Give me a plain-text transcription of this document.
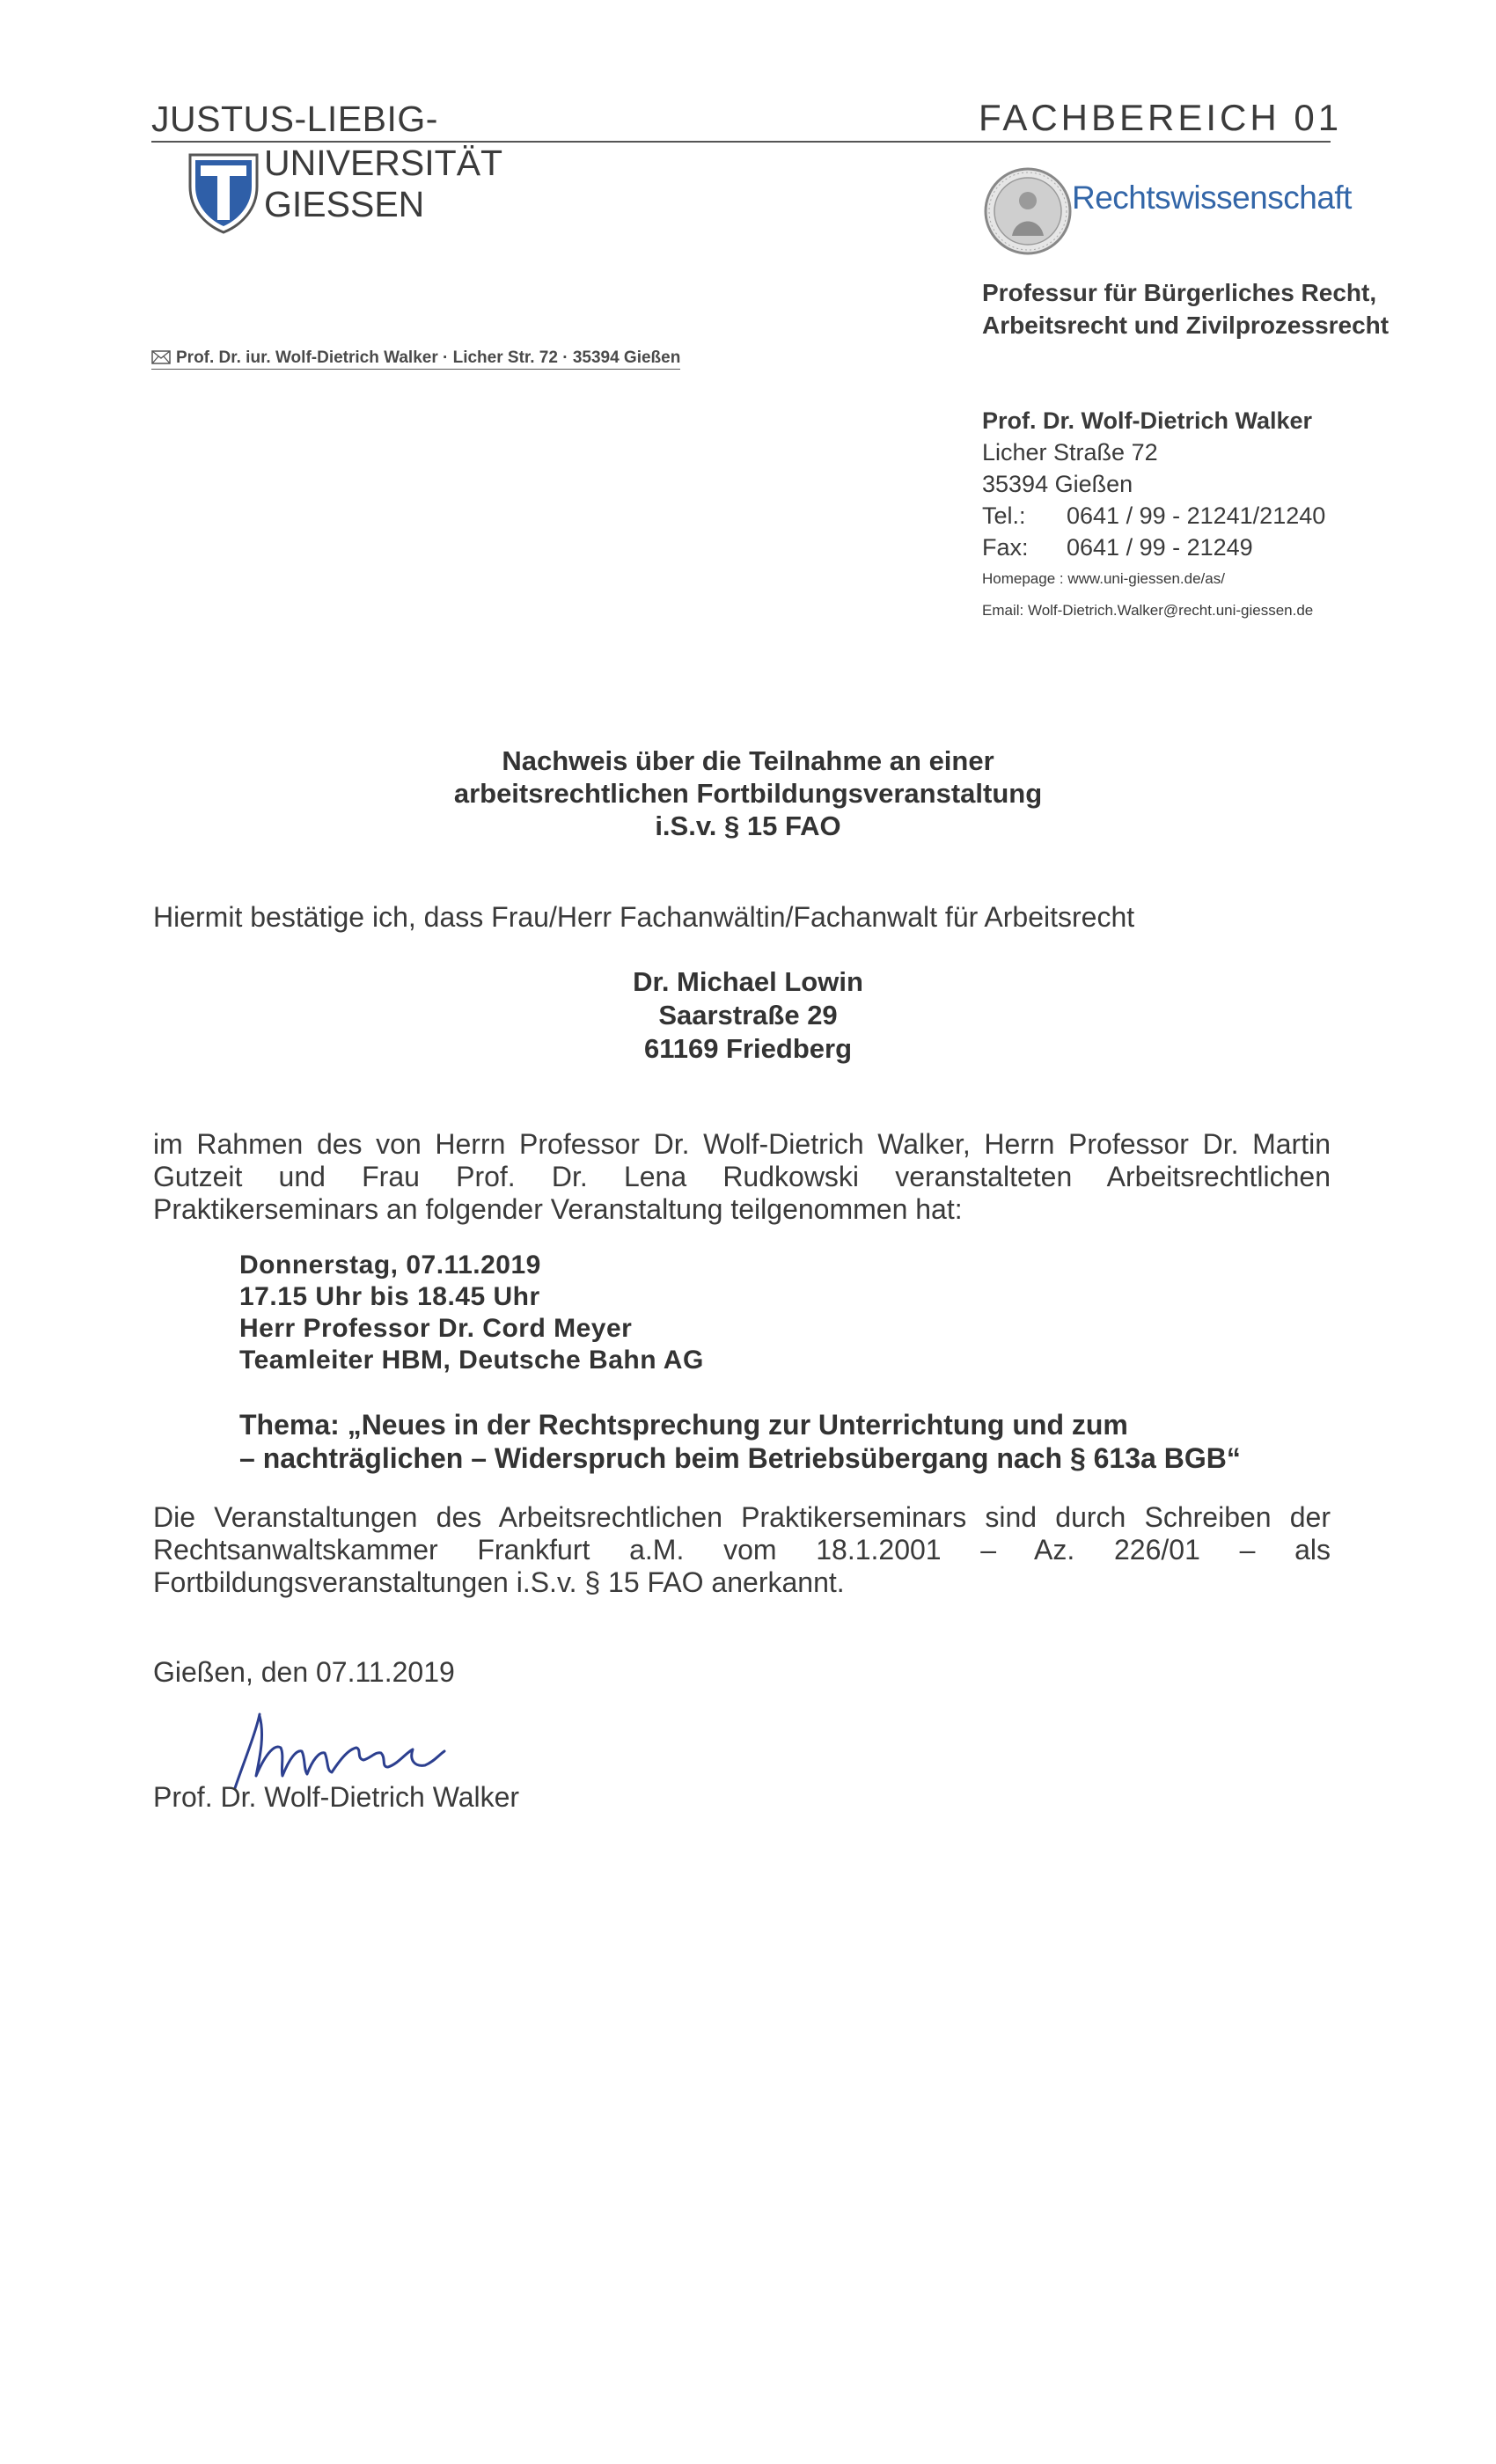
JUSTUS-LIEBIG-
UNIVERSITÄT
GIESSEN
FACHBEREICH 01
Rechtswissenschaft
Professur für Bürgerliches Recht,
Arbeitsrecht und Zivilprozessrecht
Prof. Dr. iur. Wolf-Dietrich Walker · Licher Str. 72 · 35394 Gießen
Prof. Dr. Wolf-Dietrich Walker
Licher Straße 72
35394 Gießen
Tel.: 0641 / 99 - 21241/21240
Fax: 0641 / 99 - 21249
Homepage : www.uni-giessen.de/as/
Email: Wolf-Dietrich.Walker@recht.uni-giessen.de
Nachweis über die Teilnahme an einer
arbeitsrechtlichen Fortbildungsveranstaltung
i.S.v. § 15 FAO
Hiermit bestätige ich, dass Frau/Herr Fachanwältin/Fachanwalt für Arbeitsrecht
Dr. Michael Lowin
Saarstraße 29
61169 Friedberg
im Rahmen des von Herrn Professor Dr. Wolf-Dietrich Walker, Herrn Professor Dr. Martin Gutzeit und Frau Prof. Dr. Lena Rudkowski veranstalteten Arbeitsrechtlichen Praktikerseminars an folgender Veranstaltung teilgenommen hat:
Donnerstag, 07.11.2019
17.15 Uhr bis 18.45 Uhr
Herr Professor Dr. Cord Meyer
Teamleiter HBM, Deutsche Bahn AG
Thema: „Neues in der Rechtsprechung zur Unterrichtung und zum
– nachträglichen – Widerspruch beim Betriebsübergang nach § 613a BGB“
Die Veranstaltungen des Arbeitsrechtlichen Praktikerseminars sind durch Schreiben der Rechtsanwaltskammer Frankfurt a.M. vom 18.1.2001 – Az. 226/01 – als Fortbildungsveranstaltungen i.S.v. § 15 FAO anerkannt.
Gießen, den 07.11.2019
Prof. Dr. Wolf-Dietrich Walker
